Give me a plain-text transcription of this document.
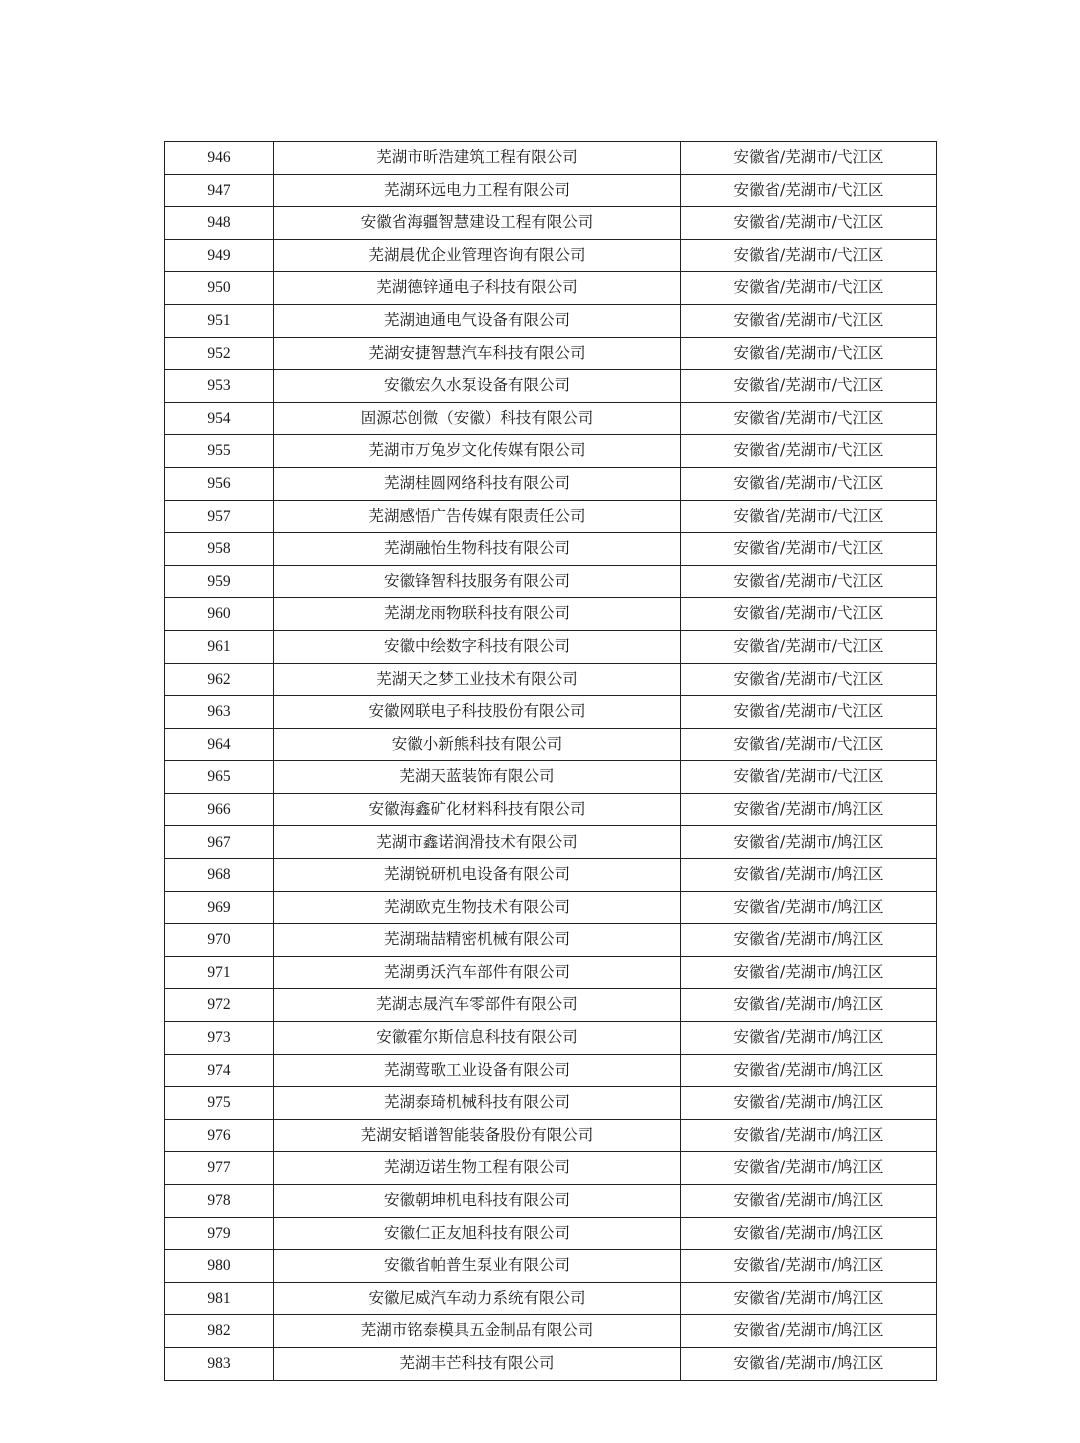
946	芜湖市昕浩建筑工程有限公司	安徽省/芜湖市/弋江区
947	芜湖环远电力工程有限公司	安徽省/芜湖市/弋江区
948	安徽省海疆智慧建设工程有限公司	安徽省/芜湖市/弋江区
949	芜湖晨优企业管理咨询有限公司	安徽省/芜湖市/弋江区
950	芜湖德锌通电子科技有限公司	安徽省/芜湖市/弋江区
951	芜湖迪通电气设备有限公司	安徽省/芜湖市/弋江区
952	芜湖安捷智慧汽车科技有限公司	安徽省/芜湖市/弋江区
953	安徽宏久水泵设备有限公司	安徽省/芜湖市/弋江区
954	固源芯创微（安徽）科技有限公司	安徽省/芜湖市/弋江区
955	芜湖市万兔岁文化传媒有限公司	安徽省/芜湖市/弋江区
956	芜湖桂圆网络科技有限公司	安徽省/芜湖市/弋江区
957	芜湖感悟广告传媒有限责任公司	安徽省/芜湖市/弋江区
958	芜湖融怡生物科技有限公司	安徽省/芜湖市/弋江区
959	安徽锋智科技服务有限公司	安徽省/芜湖市/弋江区
960	芜湖龙雨物联科技有限公司	安徽省/芜湖市/弋江区
961	安徽中绘数字科技有限公司	安徽省/芜湖市/弋江区
962	芜湖天之梦工业技术有限公司	安徽省/芜湖市/弋江区
963	安徽网联电子科技股份有限公司	安徽省/芜湖市/弋江区
964	安徽小新熊科技有限公司	安徽省/芜湖市/弋江区
965	芜湖天蓝装饰有限公司	安徽省/芜湖市/弋江区
966	安徽海鑫矿化材料科技有限公司	安徽省/芜湖市/鸠江区
967	芜湖市鑫诺润滑技术有限公司	安徽省/芜湖市/鸠江区
968	芜湖锐研机电设备有限公司	安徽省/芜湖市/鸠江区
969	芜湖欧克生物技术有限公司	安徽省/芜湖市/鸠江区
970	芜湖瑞喆精密机械有限公司	安徽省/芜湖市/鸠江区
971	芜湖勇沃汽车部件有限公司	安徽省/芜湖市/鸠江区
972	芜湖志晟汽车零部件有限公司	安徽省/芜湖市/鸠江区
973	安徽霍尔斯信息科技有限公司	安徽省/芜湖市/鸠江区
974	芜湖莺歌工业设备有限公司	安徽省/芜湖市/鸠江区
975	芜湖泰琦机械科技有限公司	安徽省/芜湖市/鸠江区
976	芜湖安韬谱智能装备股份有限公司	安徽省/芜湖市/鸠江区
977	芜湖迈诺生物工程有限公司	安徽省/芜湖市/鸠江区
978	安徽朝坤机电科技有限公司	安徽省/芜湖市/鸠江区
979	安徽仁正友旭科技有限公司	安徽省/芜湖市/鸠江区
980	安徽省帕普生泵业有限公司	安徽省/芜湖市/鸠江区
981	安徽尼威汽车动力系统有限公司	安徽省/芜湖市/鸠江区
982	芜湖市铭泰模具五金制品有限公司	安徽省/芜湖市/鸠江区
983	芜湖丰芒科技有限公司	安徽省/芜湖市/鸠江区
